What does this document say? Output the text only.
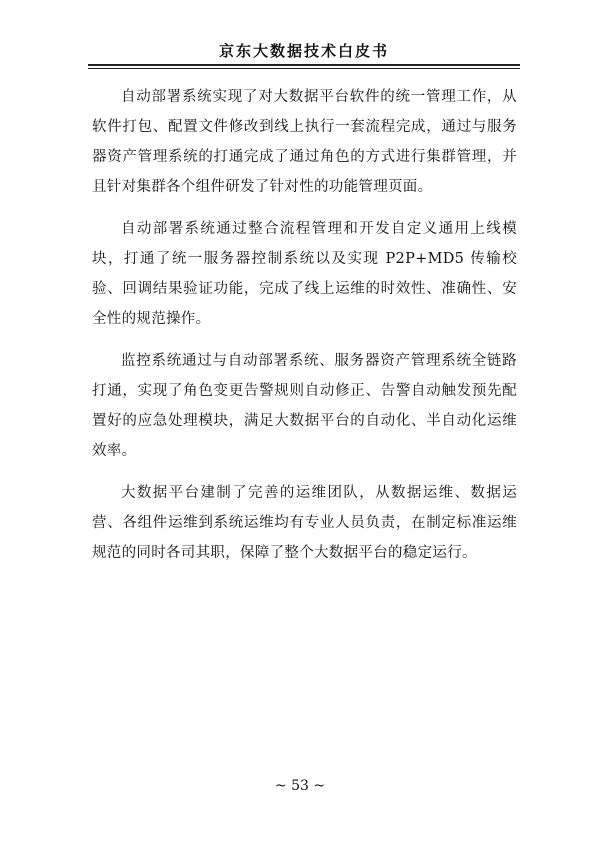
京东大数据技术白皮书

自动部署系统实现了对大数据平台软件的统一管理工作，从软件打包、配置文件修改到线上执行一套流程完成，通过与服务器资产管理系统的打通完成了通过角色的方式进行集群管理，并且针对集群各个组件研发了针对性的功能管理页面。

自动部署系统通过整合流程管理和开发自定义通用上线模块，打通了统一服务器控制系统以及实现 P2P+MD5 传输校验、回调结果验证功能，完成了线上运维的时效性、准确性、安全性的规范操作。

监控系统通过与自动部署系统、服务器资产管理系统全链路打通，实现了角色变更告警规则自动修正、告警自动触发预先配置好的应急处理模块，满足大数据平台的自动化、半自动化运维效率。

大数据平台建制了完善的运维团队，从数据运维、数据运营、各组件运维到系统运维均有专业人员负责，在制定标准运维规范的同时各司其职，保障了整个大数据平台的稳定运行。

~ 53 ~
